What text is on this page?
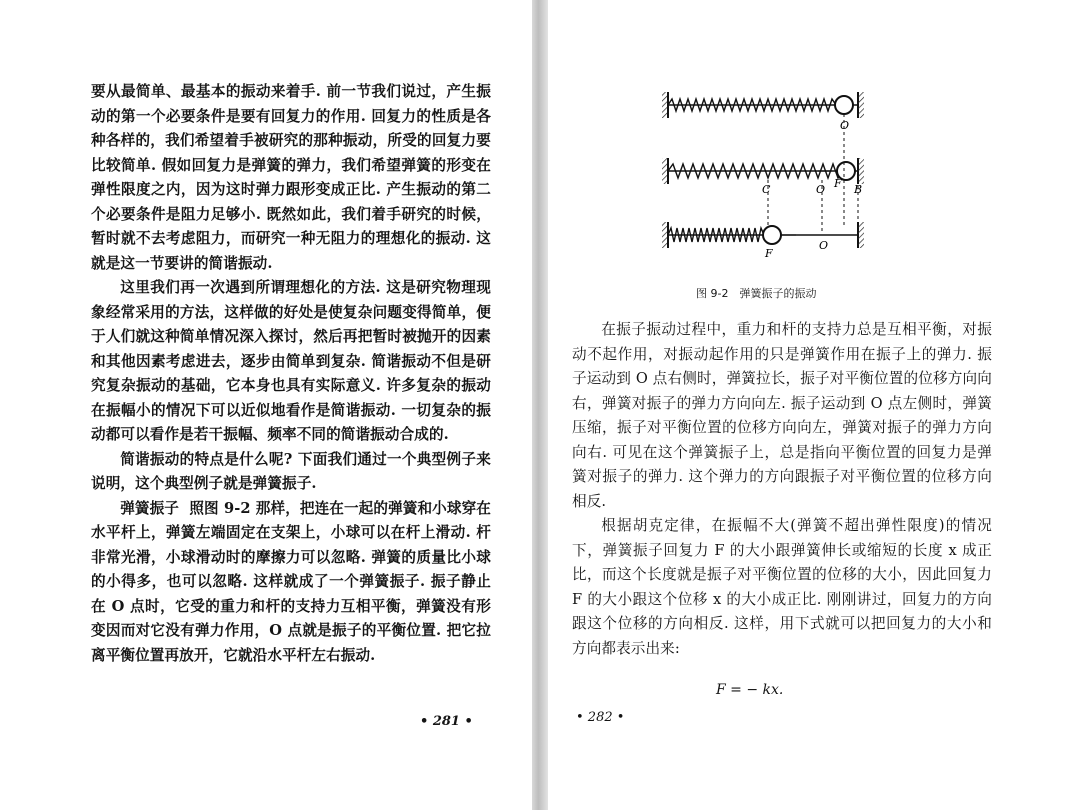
要从最简单、最基本的振动来着手. 前一节我们说过，产生振动的第一个必要条件是要有回复力的作用. 回复力的性质是各种各样的，我们希望着手被研究的那种振动，所受的回复力要比较简单. 假如回复力是弹簧的弹力，我们希望弹簧的形变在弹性限度之内，因为这时弹力跟形变成正比. 产生振动的第二个必要条件是阻力足够小. 既然如此，我们着手研究的时候，暂时就不去考虑阻力，而研究一种无阻力的理想化的振动. 这就是这一节要讲的简谐振动.

这里我们再一次遇到所谓理想化的方法. 这是研究物理现象经常采用的方法，这样做的好处是使复杂问题变得简单，便于人们就这种简单情况深入探讨，然后再把暂时被抛开的因素和其他因素考虑进去，逐步由简单到复杂. 简谐振动不但是研究复杂振动的基础，它本身也具有实际意义. 许多复杂的振动在振幅小的情况下可以近似地看作是简谐振动. 一切复杂的振动都可以看作是若干振幅、频率不同的简谐振动合成的.

简谐振动的特点是什么呢? 下面我们通过一个典型例子来说明，这个典型例子就是弹簧振子.

弹簧振子 照图 9-2 那样，把连在一起的弹簧和小球穿在水平杆上，弹簧左端固定在支架上，小球可以在杆上滑动. 杆非常光滑，小球滑动时的摩擦力可以忽略. 弹簧的质量比小球的小得多，也可以忽略. 这样就成了一个弹簧振子. 振子静止在 O 点时，它受的重力和杆的支持力互相平衡，弹簧没有形变因而对它没有弹力作用，O 点就是振子的平衡位置. 把它拉离平衡位置再放开，它就沿水平杆左右振动.

• 281 •
O
C	O F B
F
O
图 9-2　弹簧振子的振动

在振子振动过程中，重力和杆的支持力总是互相平衡，对振动不起作用，对振动起作用的只是弹簧作用在振子上的弹力. 振子运动到 O 点右侧时，弹簧拉长，振子对平衡位置的位移方向向右，弹簧对振子的弹力方向向左. 振子运动到 O 点左侧时，弹簧压缩，振子对平衡位置的位移方向向左，弹簧对振子的弹力方向向右. 可见在这个弹簧振子上，总是指向平衡位置的回复力是弹簧对振子的弹力. 这个弹力的方向跟振子对平衡位置的位移方向相反.

根据胡克定律，在振幅不大(弹簧不超出弹性限度)的情况下，弹簧振子回复力 F 的大小跟弹簧伸长或缩短的长度 x 成正比，而这个长度就是振子对平衡位置的位移的大小，因此回复力 F 的大小跟这个位移 x 的大小成正比. 刚刚讲过，回复力的方向跟这个位移的方向相反. 这样，用下式就可以把回复力的大小和方向都表示出来:

F = − kx.
• 282 •
